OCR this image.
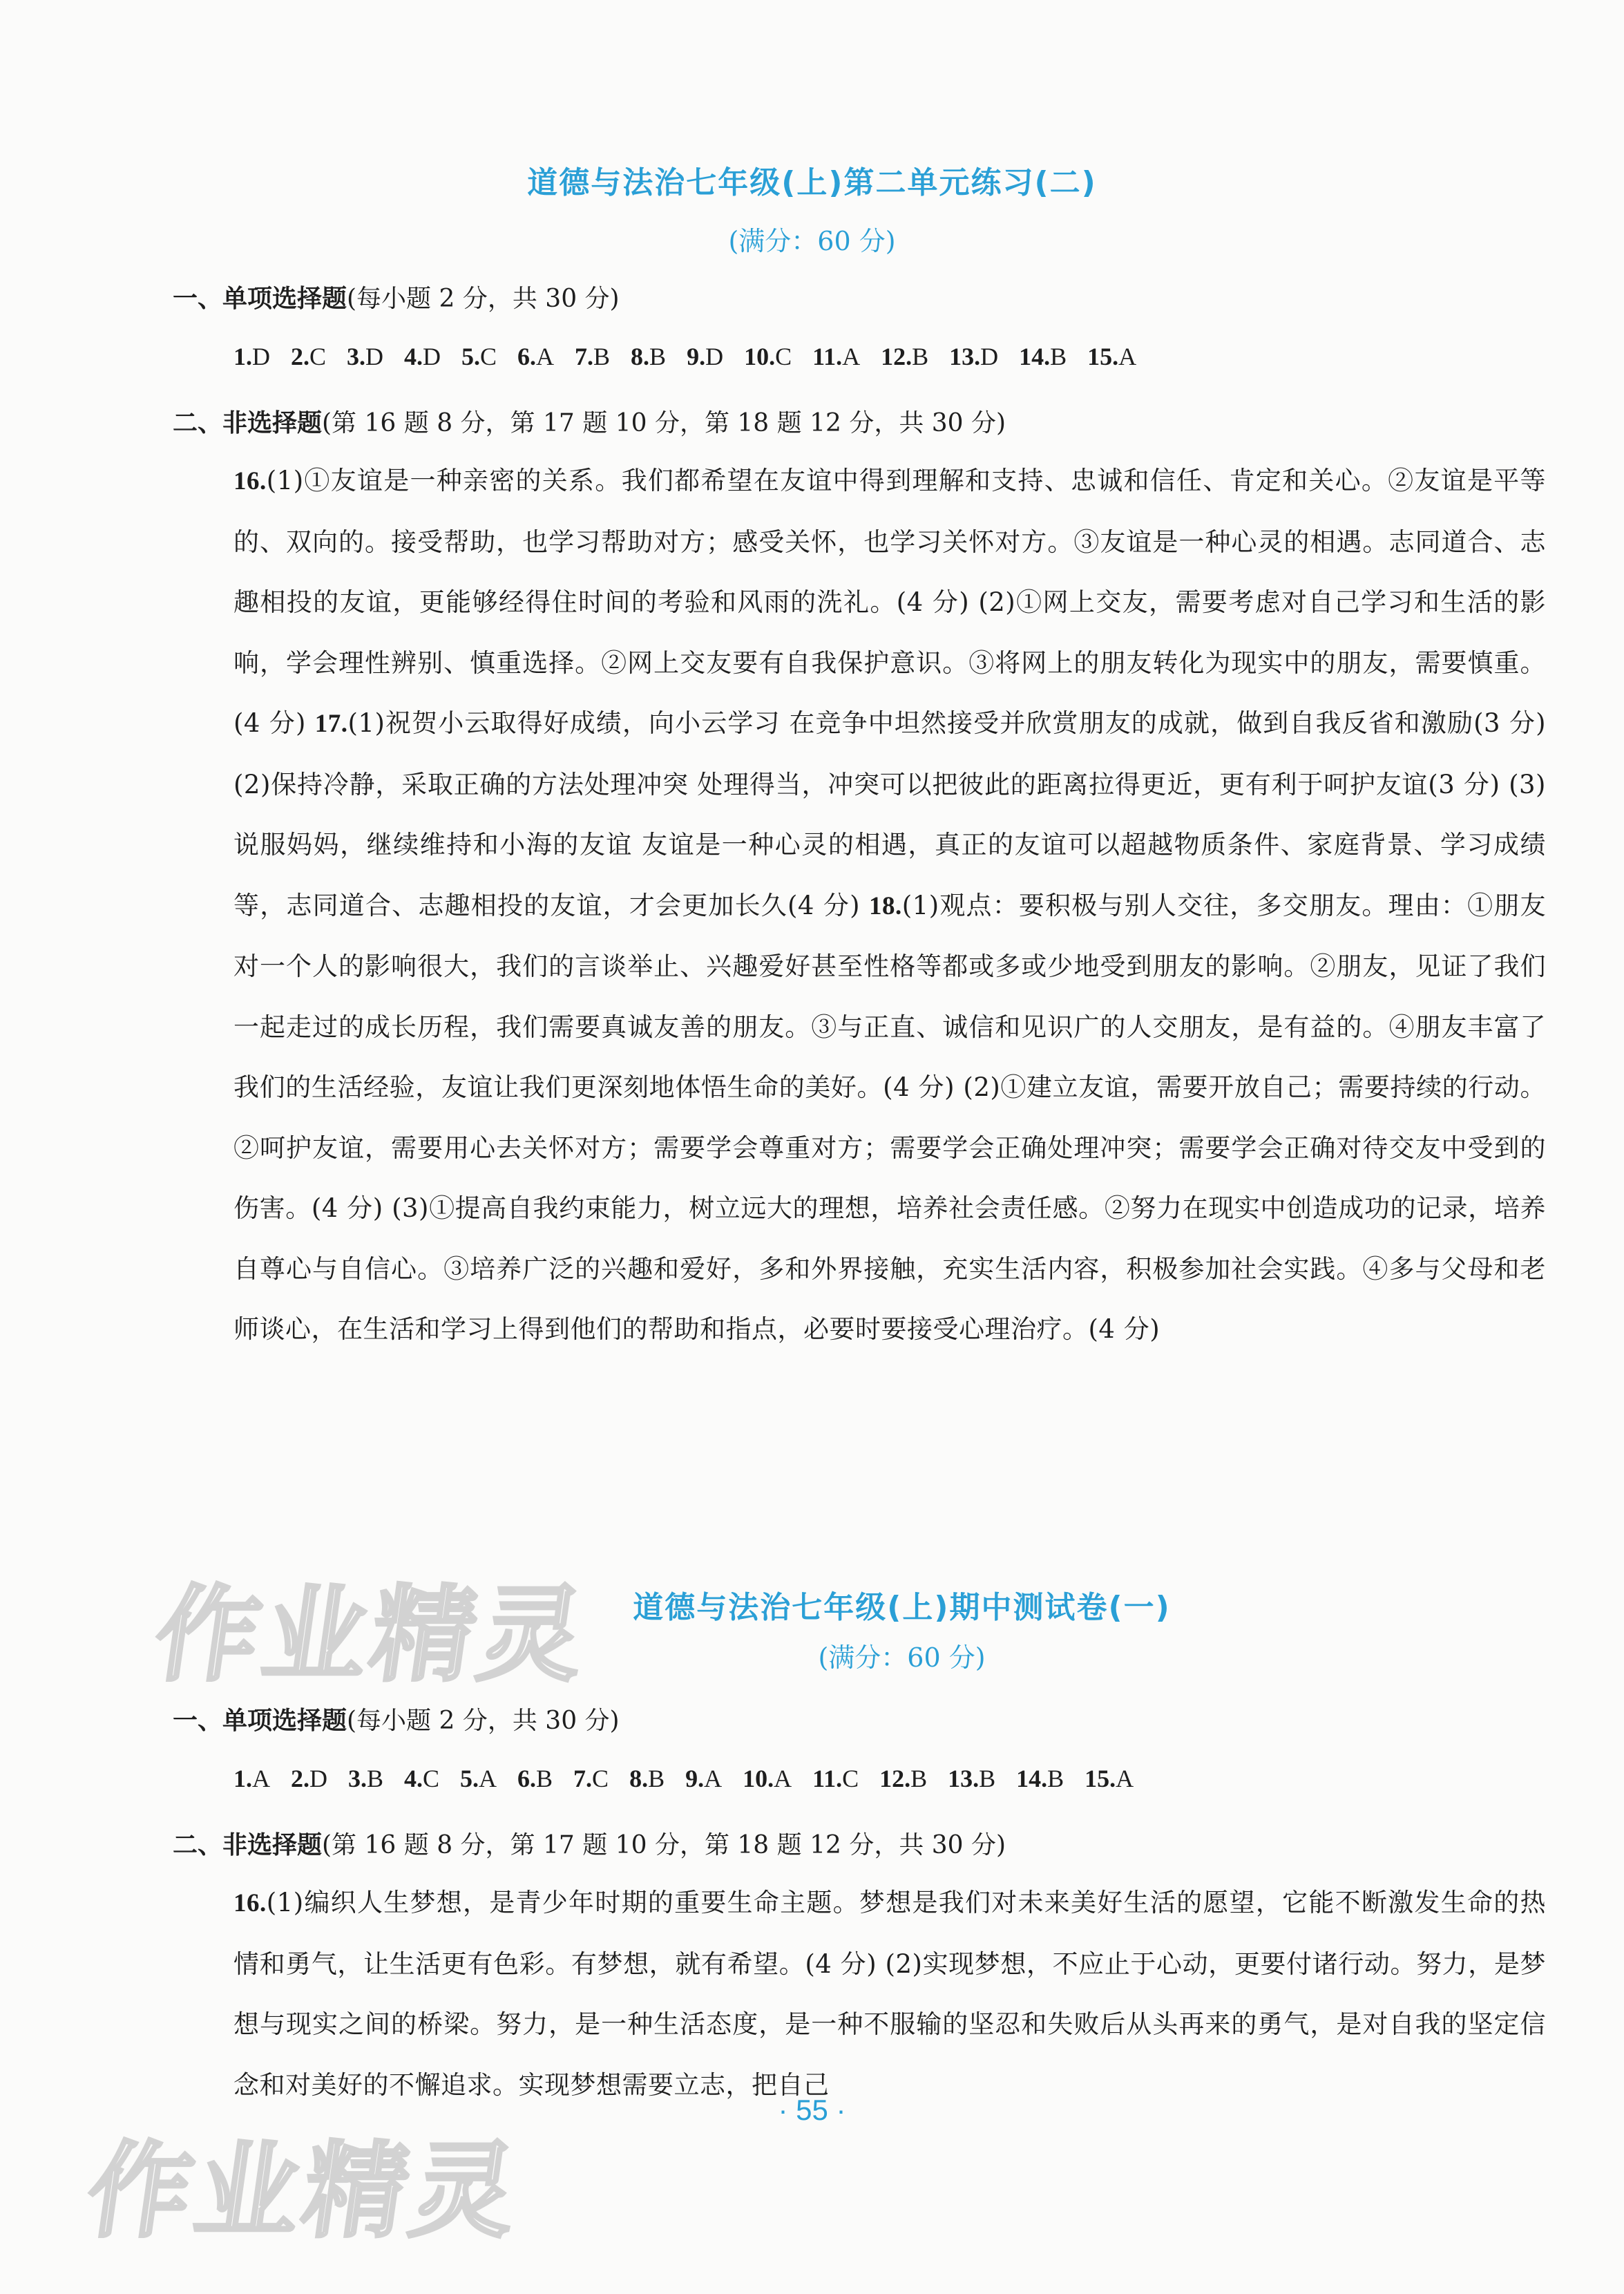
道德与法治七年级(上)第二单元练习(二)
(满分：60 分)
一、单项选择题(每小题 2 分，共 30 分)
1.D 2.C 3.D 4.D 5.C 6.A 7.B 8.B 9.D 10.C 11.A 12.B 13.D 14.B 15.A
二、非选择题(第 16 题 8 分，第 17 题 10 分，第 18 题 12 分，共 30 分)
16.(1)①友谊是一种亲密的关系。我们都希望在友谊中得到理解和支持、忠诚和信任、肯定和关心。②友谊是平等的、双向的。接受帮助，也学习帮助对方；感受关怀，也学习关怀对方。③友谊是一种心灵的相遇。志同道合、志趣相投的友谊，更能够经得住时间的考验和风雨的洗礼。(4 分) (2)①网上交友，需要考虑对自己学习和生活的影响，学会理性辨别、慎重选择。②网上交友要有自我保护意识。③将网上的朋友转化为现实中的朋友，需要慎重。(4 分) 17.(1)祝贺小云取得好成绩，向小云学习 在竞争中坦然接受并欣赏朋友的成就，做到自我反省和激励(3 分) (2)保持冷静，采取正确的方法处理冲突 处理得当，冲突可以把彼此的距离拉得更近，更有利于呵护友谊(3 分) (3)说服妈妈，继续维持和小海的友谊 友谊是一种心灵的相遇，真正的友谊可以超越物质条件、家庭背景、学习成绩等，志同道合、志趣相投的友谊，才会更加长久(4 分) 18.(1)观点：要积极与别人交往，多交朋友。理由：①朋友对一个人的影响很大，我们的言谈举止、兴趣爱好甚至性格等都或多或少地受到朋友的影响。②朋友，见证了我们一起走过的成长历程，我们需要真诚友善的朋友。③与正直、诚信和见识广的人交朋友，是有益的。④朋友丰富了我们的生活经验，友谊让我们更深刻地体悟生命的美好。(4 分) (2)①建立友谊，需要开放自己；需要持续的行动。②呵护友谊，需要用心去关怀对方；需要学会尊重对方；需要学会正确处理冲突；需要学会正确对待交友中受到的伤害。(4 分) (3)①提高自我约束能力，树立远大的理想，培养社会责任感。②努力在现实中创造成功的记录，培养自尊心与自信心。③培养广泛的兴趣和爱好，多和外界接触，充实生活内容，积极参加社会实践。④多与父母和老师谈心，在生活和学习上得到他们的帮助和指点，必要时要接受心理治疗。(4 分)
作业精灵	道德与法治七年级(上)期中测试卷(一)
(满分：60 分)
一、单项选择题(每小题 2 分，共 30 分)
1.A 2.D 3.B 4.C 5.A 6.B 7.C 8.B 9.A 10.A 11.C 12.B 13.B 14.B 15.A
二、非选择题(第 16 题 8 分，第 17 题 10 分，第 18 题 12 分，共 30 分)
16.(1)编织人生梦想，是青少年时期的重要生命主题。梦想是我们对未来美好生活的愿望，它能不断激发生命的热情和勇气，让生活更有色彩。有梦想，就有希望。(4 分) (2)实现梦想，不应止于心动，更要付诸行动。努力，是梦想与现实之间的桥梁。努力，是一种生活态度，是一种不服输的坚忍和失败后从头再来的勇气，是对自我的坚定信念和对美好的不懈追求。实现梦想需要立志，把自己
· 55 ·
作业精灵
